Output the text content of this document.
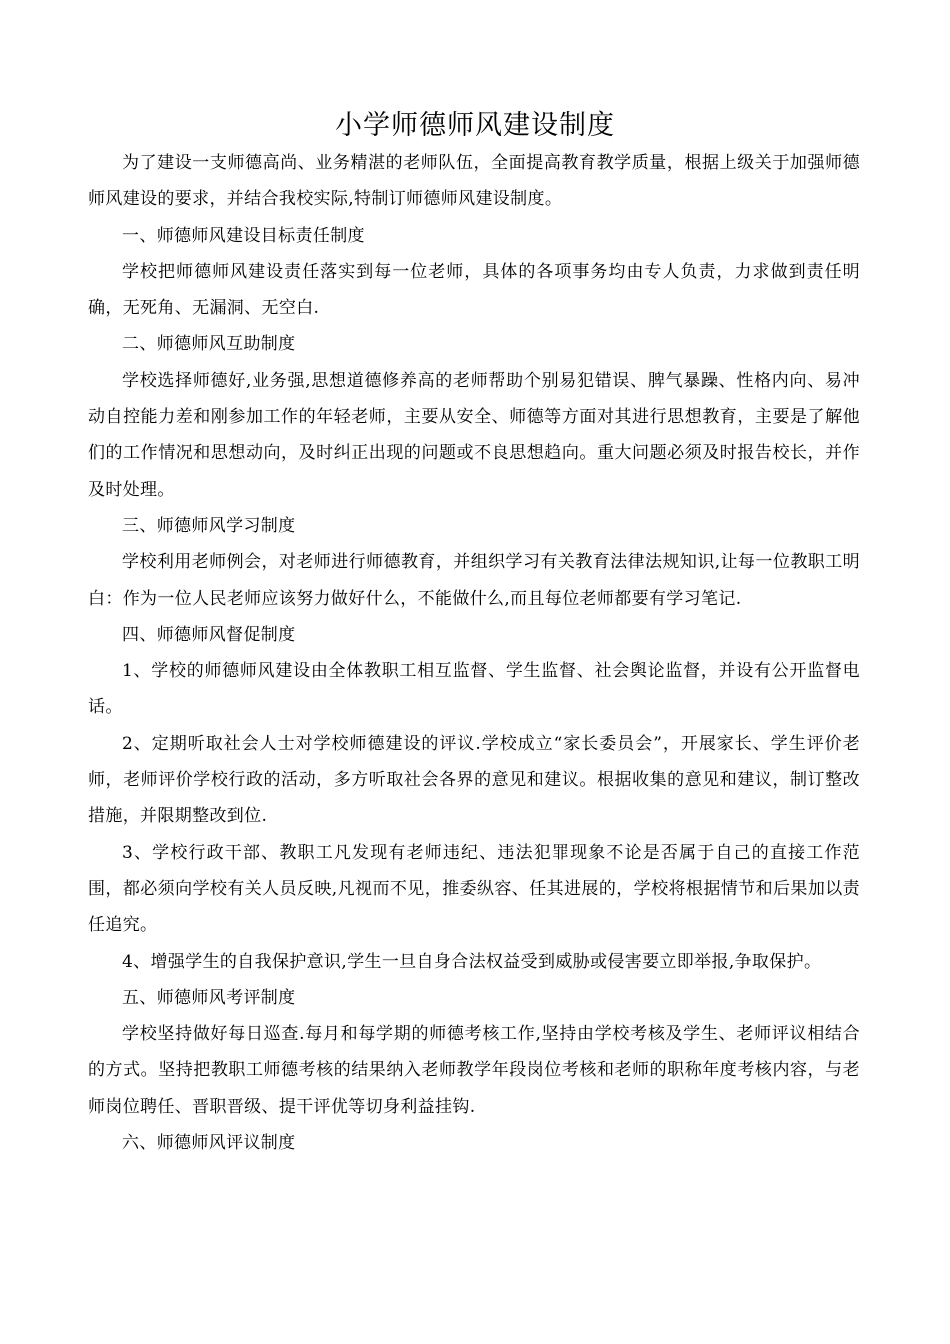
小学师德师风建设制度

为了建设一支师德高尚、业务精湛的老师队伍，全面提高教育教学质量，根据上级关于加强师德师风建设的要求，并结合我校实际,特制订师德师风建设制度。

一、师德师风建设目标责任制度

学校把师德师风建设责任落实到每一位老师，具体的各项事务均由专人负责，力求做到责任明确，无死角、无漏洞、无空白.

二、师德师风互助制度

学校选择师德好,业务强,思想道德修养高的老师帮助个别易犯错误、脾气暴躁、性格内向、易冲动自控能力差和刚参加工作的年轻老师，主要从安全、师德等方面对其进行思想教育，主要是了解他们的工作情况和思想动向，及时纠正出现的问题或不良思想趋向。重大问题必须及时报告校长，并作及时处理。

三、师德师风学习制度

学校利用老师例会，对老师进行师德教育，并组织学习有关教育法律法规知识,让每一位教职工明白：作为一位人民老师应该努力做好什么，不能做什么,而且每位老师都要有学习笔记.

四、师德师风督促制度

1、学校的师德师风建设由全体教职工相互监督、学生监督、社会舆论监督，并设有公开监督电话。

2、定期听取社会人士对学校师德建设的评议.学校成立“家长委员会”，开展家长、学生评价老师，老师评价学校行政的活动，多方听取社会各界的意见和建议。根据收集的意见和建议，制订整改措施，并限期整改到位.

3、学校行政干部、教职工凡发现有老师违纪、违法犯罪现象不论是否属于自己的直接工作范围，都必须向学校有关人员反映,凡视而不见，推委纵容、任其进展的，学校将根据情节和后果加以责任追究。

4、增强学生的自我保护意识,学生一旦自身合法权益受到威胁或侵害要立即举报,争取保护。

五、师德师风考评制度

学校坚持做好每日巡查.每月和每学期的师德考核工作,坚持由学校考核及学生、老师评议相结合的方式。坚持把教职工师德考核的结果纳入老师教学年段岗位考核和老师的职称年度考核内容，与老师岗位聘任、晋职晋级、提干评优等切身利益挂钩.

六、师德师风评议制度
